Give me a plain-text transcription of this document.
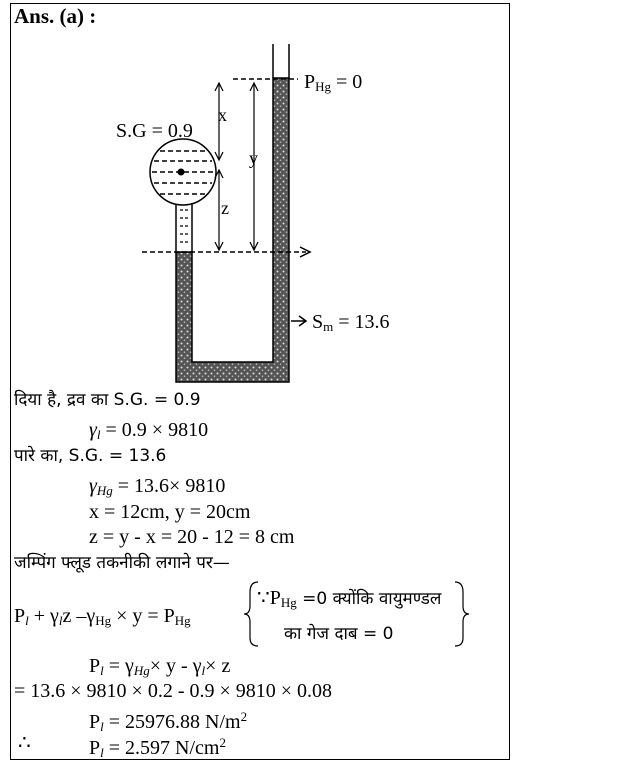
Ans. (a) :
S.G = 0.9
$P_{Hg} = 0$
x
y
z
$S_m = 13.6$
दिया है, द्रव का S.G. = 0.9
$\gamma_l = 0.9 \times 9810$
पारे का, S.G. = 13.6
$\gamma_{Hg} = 13.6\times 9810$
x = 12cm, y = 20cm
z = y - x = 20 - 12 = 8 cm
जम्पिंग फ्लूड तकनीकी लगाने पर—
$P_l + \gamma_lz$ $-\gamma_{Hg} \times y = P_{Hg}$
$\because P_{Hg} =0$ क्योंकि वायुमण्डल
का गेज दाब = 0
$P_l = \gamma_{Hg}\times y - \gamma_l\times z$
= 13.6 × 9810 × 0.2 - 0.9 × 9810 × 0.08
$P_l = 25976.88$ $N/m^2$
∴	$P_l = 2.597$ $N/cm^2$
